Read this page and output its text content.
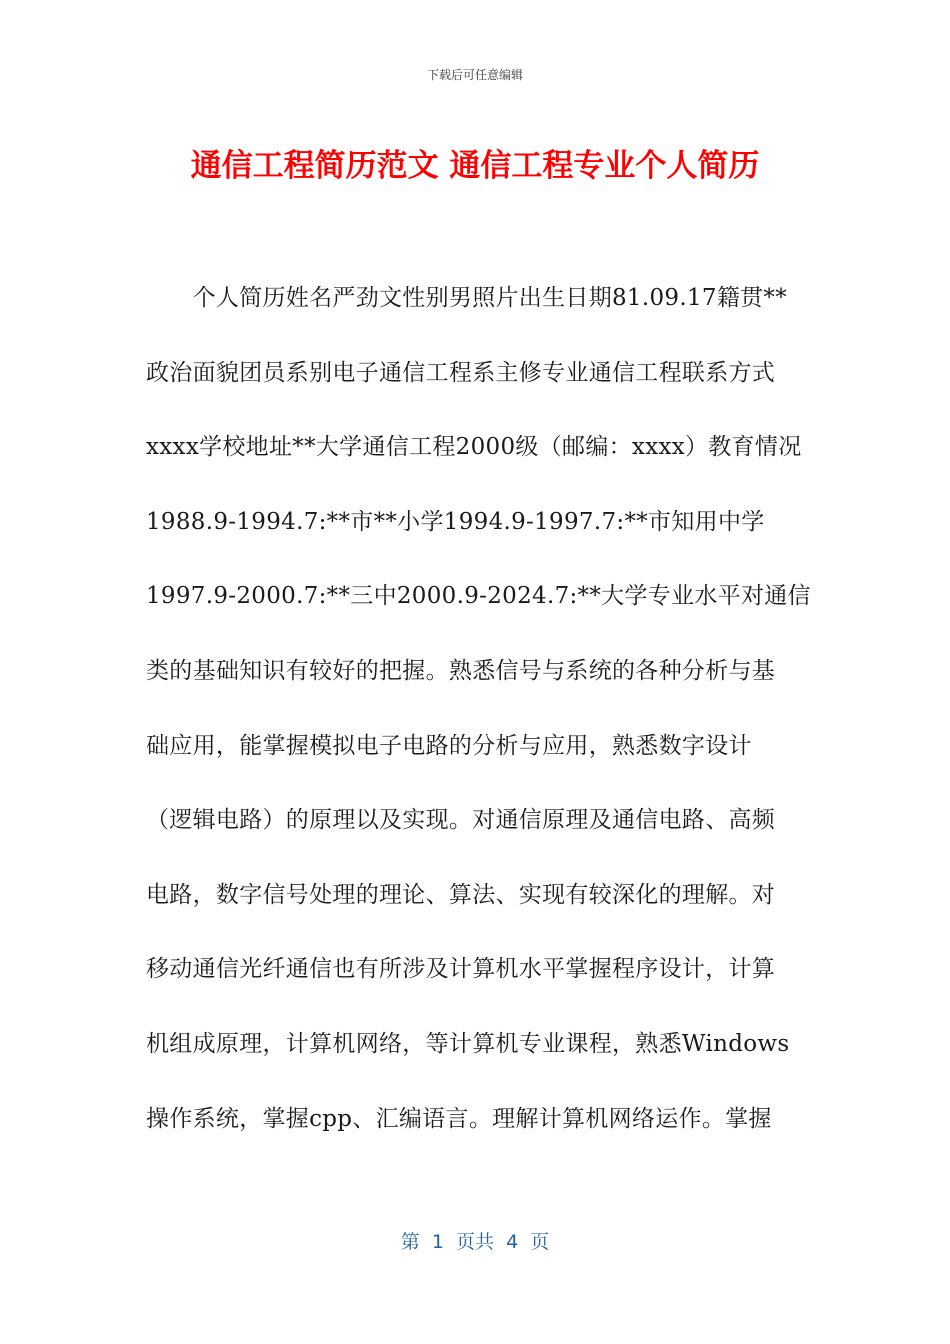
下载后可任意编辑
通信工程简历范文 通信工程专业个人简历
　　个人简历姓名严劲文性别男照片出生日期81.09.17籍贯**
政治面貌团员系别电子通信工程系主修专业通信工程联系方式
xxxx学校地址**大学通信工程2000级（邮编：xxxx）教育情况
1988.9-1994.7:**市**小学1994.9-1997.7:**市知用中学
1997.9-2000.7:**三中2000.9-2024.7:**大学专业水平对通信
类的基础知识有较好的把握。熟悉信号与系统的各种分析与基
础应用，能掌握模拟电子电路的分析与应用，熟悉数字设计
（逻辑电路）的原理以及实现。对通信原理及通信电路、高频
电路，数字信号处理的理论、算法、实现有较深化的理解。对
移动通信光纤通信也有所涉及计算机水平掌握程序设计，计算
机组成原理，计算机网络，等计算机专业课程，熟悉Windows
操作系统，掌握cpp、汇编语言。理解计算机网络运作。掌握
第  1  页共  4  页
